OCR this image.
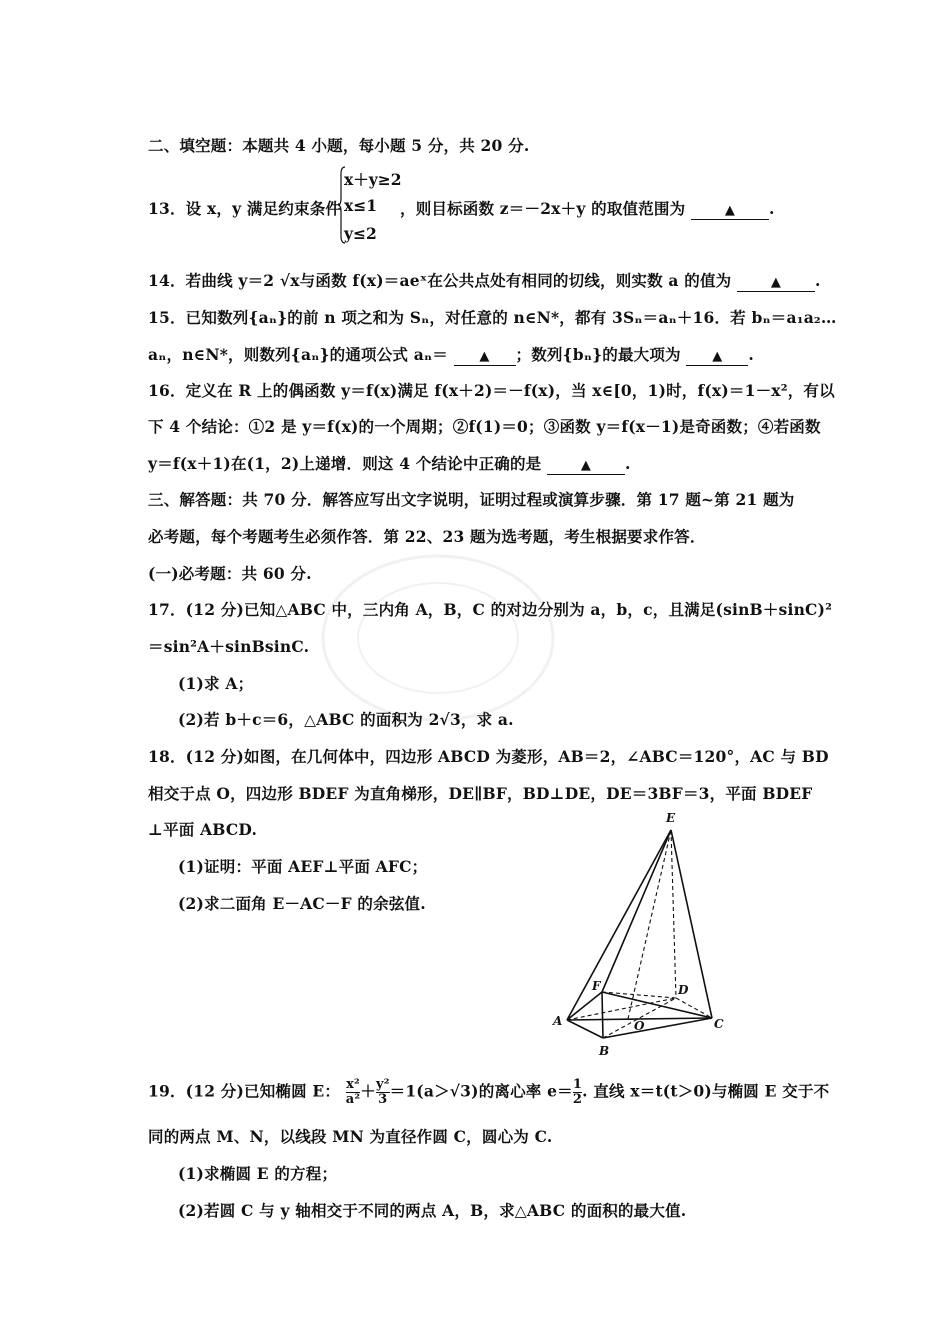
二、填空题：本题共 4 小题，每小题 5 分，共 20 分.
13．设 x，y 满足约束条件
x＋y≥2
x≤1
y≤2
，则目标函数 z＝－2x＋y 的取值范围为	▲ .
14．若曲线 y＝2 √x与函数 f(x)＝aeˣ在公共点处有相同的切线，则实数 a 的值为	▲ .
15．已知数列{aₙ}的前 n 项之和为 Sₙ，对任意的 n∈N*，都有 3Sₙ＝aₙ＋16．若 bₙ＝a₁a₂…
aₙ，n∈N*，则数列{aₙ}的通项公式 aₙ＝ ▲ ；数列{bₙ}的最大项为 ▲ .
16．定义在 R 上的偶函数 y＝f(x)满足 f(x＋2)＝－f(x)，当 x∈[0，1)时，f(x)＝1－x²，有以
下 4 个结论：①2 是 y＝f(x)的一个周期；②f(1)＝0；③函数 y＝f(x－1)是奇函数；④若函数
y＝f(x＋1)在(1，2)上递增．则这 4 个结论中正确的是	▲ .
三、解答题：共 70 分．解答应写出文字说明，证明过程或演算步骤．第 17 题~第 21 题为
必考题，每个考题考生必须作答．第 22、23 题为选考题，考生根据要求作答．
(一)必考题：共 60 分.
17．(12 分)已知△ABC 中，三内角 A，B，C 的对边分别为 a，b，c，且满足(sinB＋sinC)²
＝sin²A＋sinBsinC.
(1)求 A；
(2)若 b＋c＝6，△ABC 的面积为 2√3，求 a.
18．(12 分)如图，在几何体中，四边形 ABCD 为菱形，AB＝2，∠ABC＝120°，AC 与 BD
相交于点 O，四边形 BDEF 为直角梯形，DE∥BF，BD⊥DE，DE＝3BF＝3，平面 BDEF
⊥平面 ABCD.
(1)证明：平面 AEF⊥平面 AFC；
(2)求二面角 E－AC－F 的余弦值.
E
F	D
A	O	C
B
19．(12 分)已知椭圆 E： $\frac{\text{x²}}{\text{a²}} + \frac{\text{y²}}{3} =1(a>√3)$的离心率 $e= \frac{1}{2}$ . 直线 x＝t(t＞0)与椭圆 E 交于不
同的两点 M、N，以线段 MN 为直径作圆 C，圆心为 C.
(1)求椭圆 E 的方程；
(2)若圆 C 与 y 轴相交于不同的两点 A，B，求△ABC 的面积的最大值.
